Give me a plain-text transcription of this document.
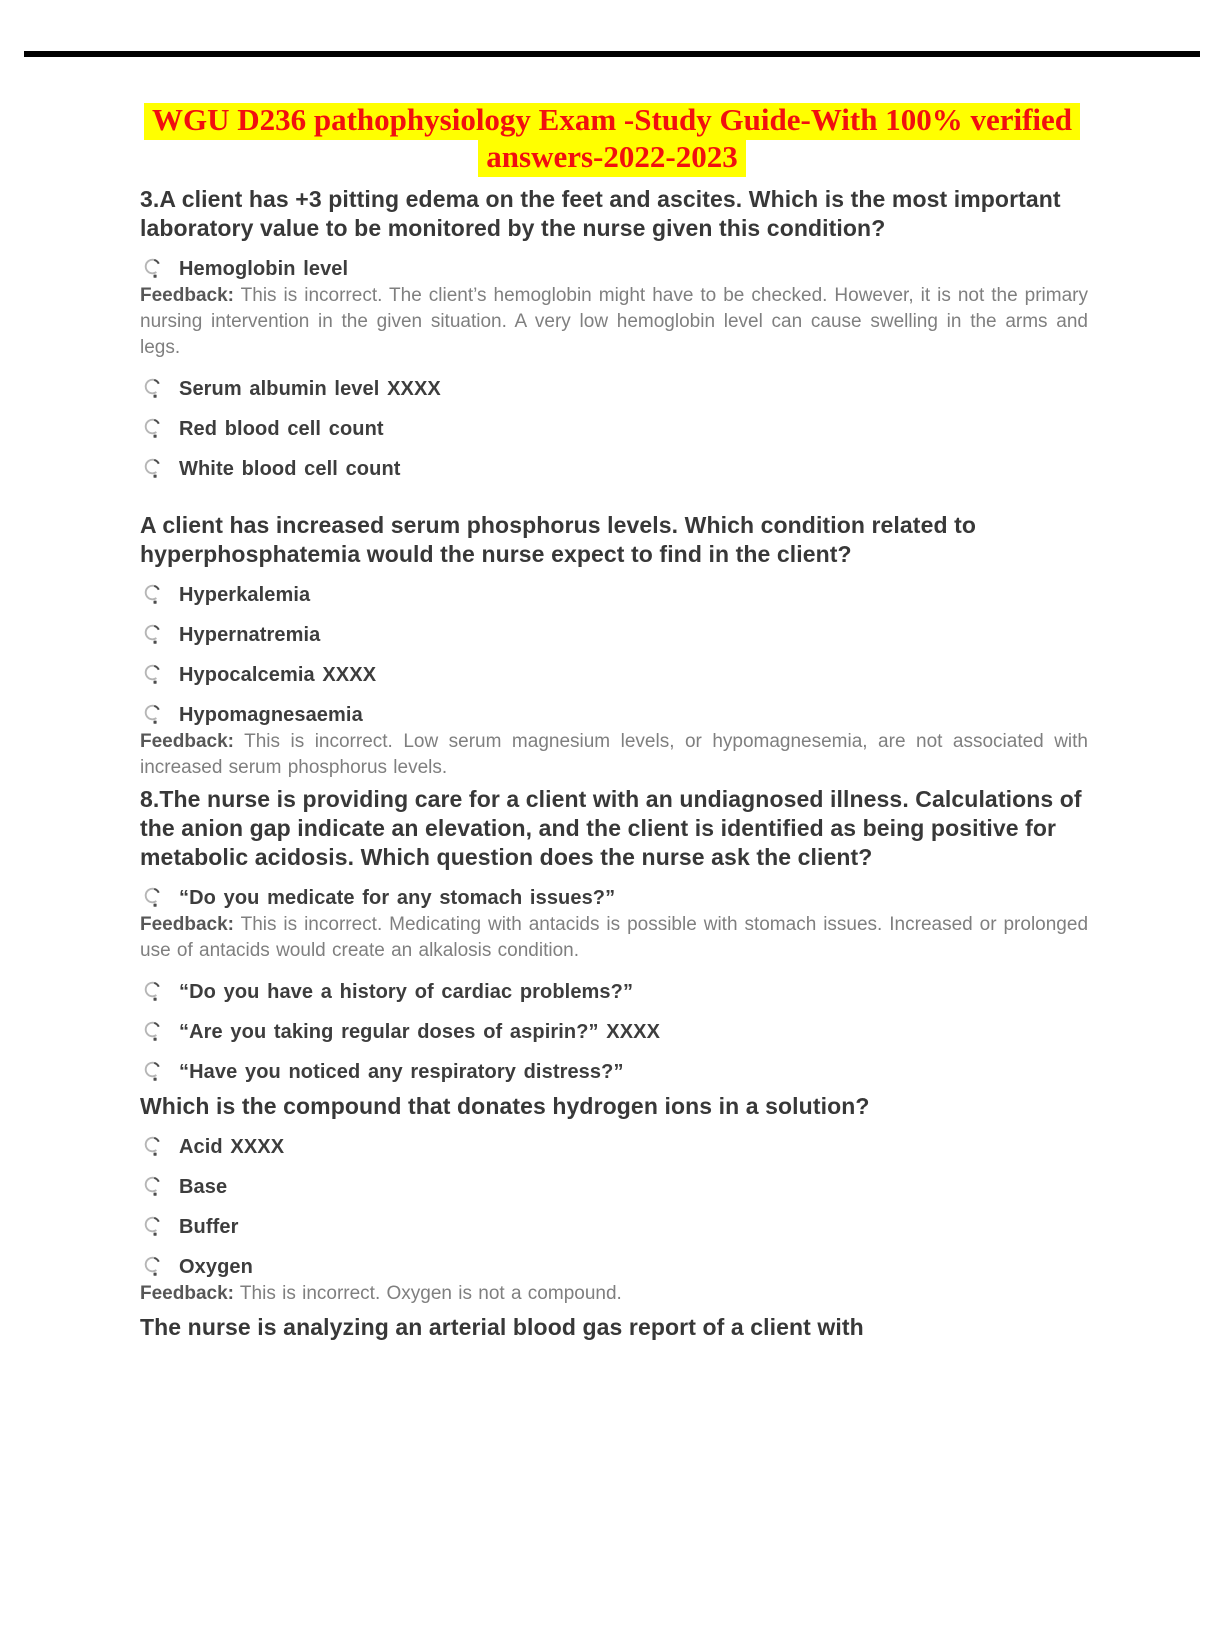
WGU D236 pathophysiology Exam -Study Guide-With 100% verified
answers-2022-2023

3.A client has +3 pitting edema on the feet and ascites. Which is the most important laboratory value to be monitored by the nurse given this condition?

Hemoglobin level

Feedback: This is incorrect. The client’s hemoglobin might have to be checked. However, it is not the primary nursing intervention in the given situation. A very low hemoglobin level can cause swelling in the arms and legs.

Serum albumin level XXXX
Red blood cell count
White blood cell count

A client has increased serum phosphorus levels. Which condition related to hyperphosphatemia would the nurse expect to find in the client?

Hyperkalemia
Hypernatremia
Hypocalcemia XXXX
Hypomagnesaemia

Feedback: This is incorrect. Low serum magnesium levels, or hypomagnesemia, are not associated with increased serum phosphorus levels.

8.The nurse is providing care for a client with an undiagnosed illness. Calculations of the anion gap indicate an elevation, and the client is identified as being positive for metabolic acidosis. Which question does the nurse ask the client?

“Do you medicate for any stomach issues?”

Feedback: This is incorrect. Medicating with antacids is possible with stomach issues. Increased or prolonged use of antacids would create an alkalosis condition.

“Do you have a history of cardiac problems?”
“Are you taking regular doses of aspirin?” XXXX
“Have you noticed any respiratory distress?”

Which is the compound that donates hydrogen ions in a solution?

Acid XXXX
Base
Buffer
Oxygen

Feedback: This is incorrect. Oxygen is not a compound.

The nurse is analyzing an arterial blood gas report of a client with
